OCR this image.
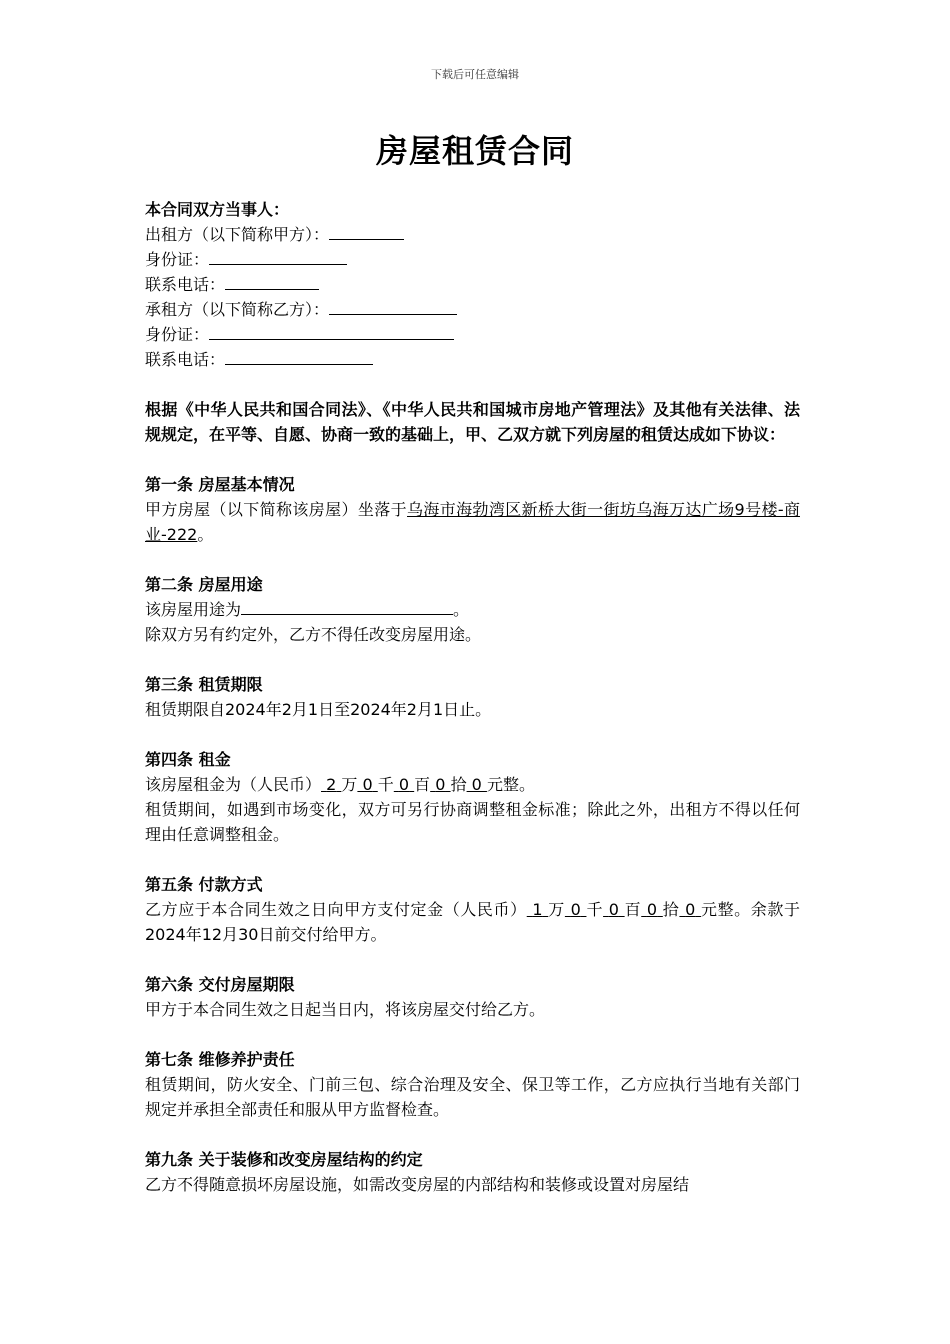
下载后可任意编辑
房屋租赁合同

本合同双方当事人：

出租方（以下简称甲方）：

身份证：

联系电话：

承租方（以下简称乙方）：

身份证：

联系电话：

根据《中华人民共和国合同法》、《中华人民共和国城市房地产管理法》及其他有关法律、法规规定，在平等、自愿、协商一致的基础上，甲、乙双方就下列房屋的租赁达成如下协议：

第一条 房屋基本情况

甲方房屋（以下简称该房屋）坐落于乌海市海勃湾区新桥大街一街坊乌海万达广场9号楼-商业-222。

第二条 房屋用途

该房屋用途为	。

除双方另有约定外，乙方不得任改变房屋用途。

第三条 租赁期限

租赁期限自2024年2月1日至2024年2月1日止。

第四条 租金

该房屋租金为（人民币） 2 万 0 千 0 百 0 拾 0 元整。

租赁期间，如遇到市场变化，双方可另行协商调整租金标准；除此之外，出租方不得以任何理由任意调整租金。

第五条 付款方式

乙方应于本合同生效之日向甲方支付定金（人民币） 1 万 0 千 0 百 0 拾 0 元整。余款于2024年12月30日前交付给甲方。

第六条 交付房屋期限

甲方于本合同生效之日起当日内，将该房屋交付给乙方。

第七条 维修养护责任

租赁期间，防火安全、门前三包、综合治理及安全、保卫等工作，乙方应执行当地有关部门规定并承担全部责任和服从甲方监督检查。

第九条 关于装修和改变房屋结构的约定

乙方不得随意损坏房屋设施，如需改变房屋的内部结构和装修或设置对房屋结
